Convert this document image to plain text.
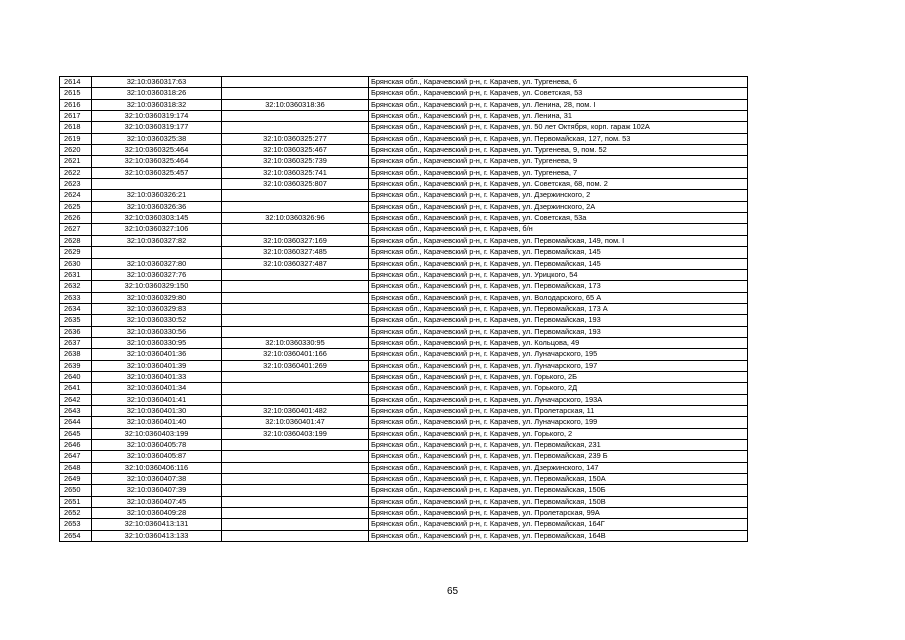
2614	32:10:0360317:63		Брянская обл., Карачевский р-н, г. Карачев, ул. Тургенева, 6
2615	32:10:0360318:26		Брянская обл., Карачевский р-н, г. Карачев, ул. Советская, 53
2616	32:10:0360318:32	32:10:0360318:36	Брянская обл., Карачевский р-н, г. Карачев, ул. Ленина, 28, пом. I
2617	32:10:0360319:174		Брянская обл., Карачевский р-н, г. Карачев, ул. Ленина, 31
2618	32:10:0360319:177		Брянская обл., Карачевский р-н, г. Карачев, ул. 50 лет Октября, корп. гараж 102А
2619	32:10:0360325:38	32:10:0360325:277	Брянская обл., Карачевский р-н, г. Карачев, ул. Первомайская, 127, пом. 53
2620	32:10:0360325:464	32:10:0360325:467	Брянская обл., Карачевский р-н, г. Карачев, ул. Тургенева, 9, пом. 52
2621	32:10:0360325:464	32:10:0360325:739	Брянская обл., Карачевский р-н, г. Карачев, ул. Тургенева, 9
2622	32:10:0360325:457	32:10:0360325:741	Брянская обл., Карачевский р-н, г. Карачев, ул. Тургенева, 7
2623		32:10:0360325:807	Брянская обл., Карачевский р-н, г. Карачев, ул. Советская, 68, пом. 2
2624	32:10:0360326:21		Брянская обл., Карачевский р-н, г. Карачев, ул. Дзержинского, 2
2625	32:10:0360326:36		Брянская обл., Карачевский р-н, г. Карачев, ул. Дзержинского, 2А
2626	32:10:0360303:145	32:10:0360326:96	Брянская обл., Карачевский р-н, г. Карачев, ул. Советская, 53а
2627	32:10:0360327:106		Брянская обл., Карачевский р-н, г. Карачев, б/н
2628	32:10:0360327:82	32:10:0360327:169	Брянская обл., Карачевский р-н, г. Карачев, ул. Первомайская, 149, пом. I
2629		32:10:0360327:485	Брянская обл., Карачевский р-н, г. Карачев, ул. Первомайская, 145
2630	32:10:0360327:80	32:10:0360327:487	Брянская обл., Карачевский р-н, г. Карачев, ул. Первомайская, 145
2631	32:10:0360327:76		Брянская обл., Карачевский р-н, г. Карачев, ул. Урицкого, 54
2632	32:10:0360329:150		Брянская обл., Карачевский р-н, г. Карачев, ул. Первомайская, 173
2633	32:10:0360329:80		Брянская обл., Карачевский р-н, г. Карачев, ул. Володарского, 65 А
2634	32:10:0360329:83		Брянская обл., Карачевский р-н, г. Карачев, ул. Первомайская, 173 А
2635	32:10:0360330:52		Брянская обл., Карачевский р-н, г. Карачев, ул. Первомайская, 193
2636	32:10:0360330:56		Брянская обл., Карачевский р-н, г. Карачев, ул. Первомайская, 193
2637	32:10:0360330:95	32:10:0360330:95	Брянская обл., Карачевский р-н, г. Карачев, ул. Кольцова, 49
2638	32:10:0360401:36	32:10:0360401:166	Брянская обл., Карачевский р-н, г. Карачев, ул. Луначарского, 195
2639	32:10:0360401:39	32:10:0360401:269	Брянская обл., Карачевский р-н, г. Карачев, ул. Луначарского, 197
2640	32:10:0360401:33		Брянская обл., Карачевский р-н, г. Карачев, ул. Горького, 2Б
2641	32:10:0360401:34		Брянская обл., Карачевский р-н, г. Карачев, ул. Горького, 2Д
2642	32:10:0360401:41		Брянская обл., Карачевский р-н, г. Карачев, ул. Луначарского, 193А
2643	32:10:0360401:30	32:10:0360401:482	Брянская обл., Карачевский р-н, г. Карачев, ул. Пролетарская, 11
2644	32:10:0360401:40	32:10:0360401:47	Брянская обл., Карачевский р-н, г. Карачев, ул. Луначарского, 199
2645	32:10:0360403:199	32:10:0360403:199	Брянская обл., Карачевский р-н, г. Карачев, ул. Горького, 2
2646	32:10:0360405:78		Брянская обл., Карачевский р-н, г. Карачев, ул. Первомайская, 231
2647	32:10:0360405:87		Брянская обл., Карачевский р-н, г. Карачев, ул. Первомайская, 239 Б
2648	32:10:0360406:116		Брянская обл., Карачевский р-н, г. Карачев, ул. Дзержинского, 147
2649	32:10:0360407:38		Брянская обл., Карачевский р-н, г. Карачев, ул. Первомайская, 150А
2650	32:10:0360407:39		Брянская обл., Карачевский р-н, г. Карачев, ул. Первомайская, 150Б
2651	32:10:0360407:45		Брянская обл., Карачевский р-н, г. Карачев, ул. Первомайская, 150В
2652	32:10:0360409:28		Брянская обл., Карачевский р-н, г. Карачев, ул. Пролетарская, 99А
2653	32:10:0360413:131		Брянская обл., Карачевский р-н, г. Карачев, ул. Первомайская, 164Г
2654	32:10:0360413:133		Брянская обл., Карачевский р-н, г. Карачев, ул. Первомайская, 164В
65
